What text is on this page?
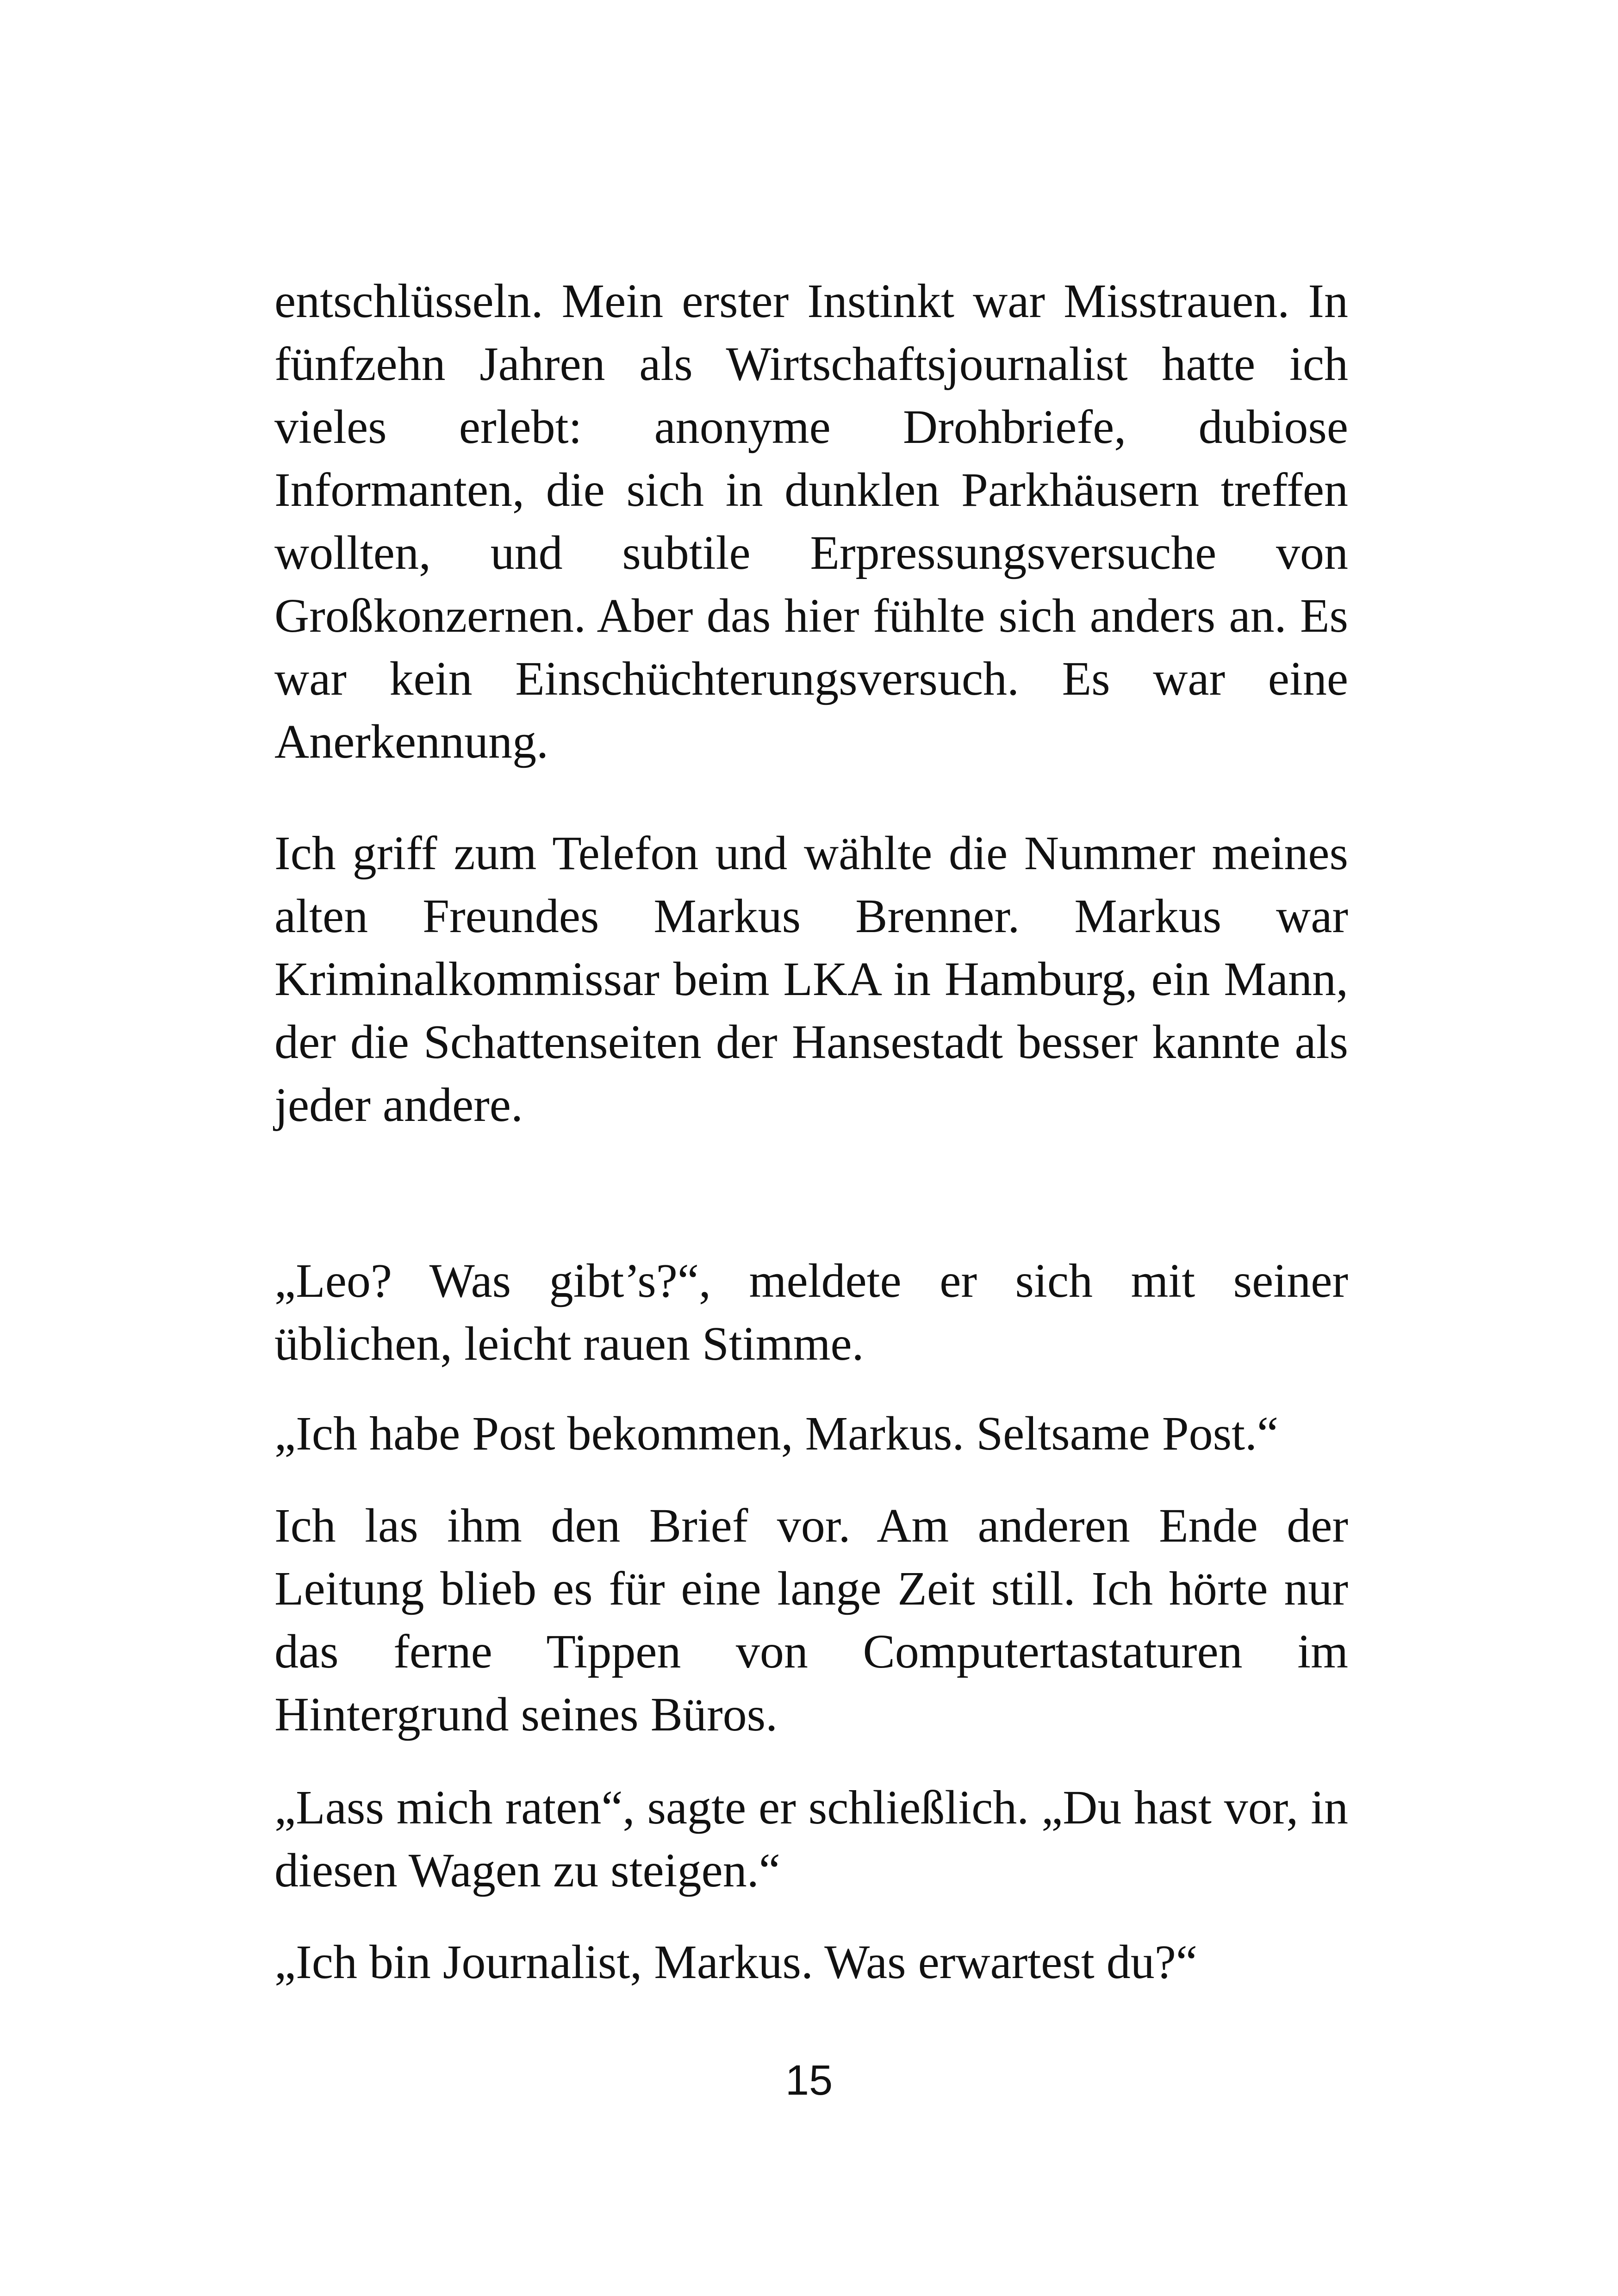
entschlüsseln. Mein erster Instinkt war Misstrauen. In fünfzehn Jahren als Wirtschaftsjournalist hatte ich vieles erlebt: anonyme Drohbriefe, dubiose Informanten, die sich in dunklen Parkhäusern treffen wollten, und subtile Erpressungsversuche von Großkonzernen. Aber das hier fühlte sich anders an. Es war kein Einschüchterungsversuch. Es war eine Anerkennung.

Ich griff zum Telefon und wählte die Nummer meines alten Freundes Markus Brenner. Markus war Kriminalkommissar beim LKA in Hamburg, ein Mann, der die Schattenseiten der Hansestadt besser kannte als jeder andere.

„Leo? Was gibt’s?“, meldete er sich mit seiner üblichen, leicht rauen Stimme.

„Ich habe Post bekommen, Markus. Seltsame Post.“

Ich las ihm den Brief vor. Am anderen Ende der Leitung blieb es für eine lange Zeit still. Ich hörte nur das ferne Tippen von Computertastaturen im Hintergrund seines Büros.

„Lass mich raten“, sagte er schließlich. „Du hast vor, in diesen Wagen zu steigen.“

„Ich bin Journalist, Markus. Was erwartest du?“

15
